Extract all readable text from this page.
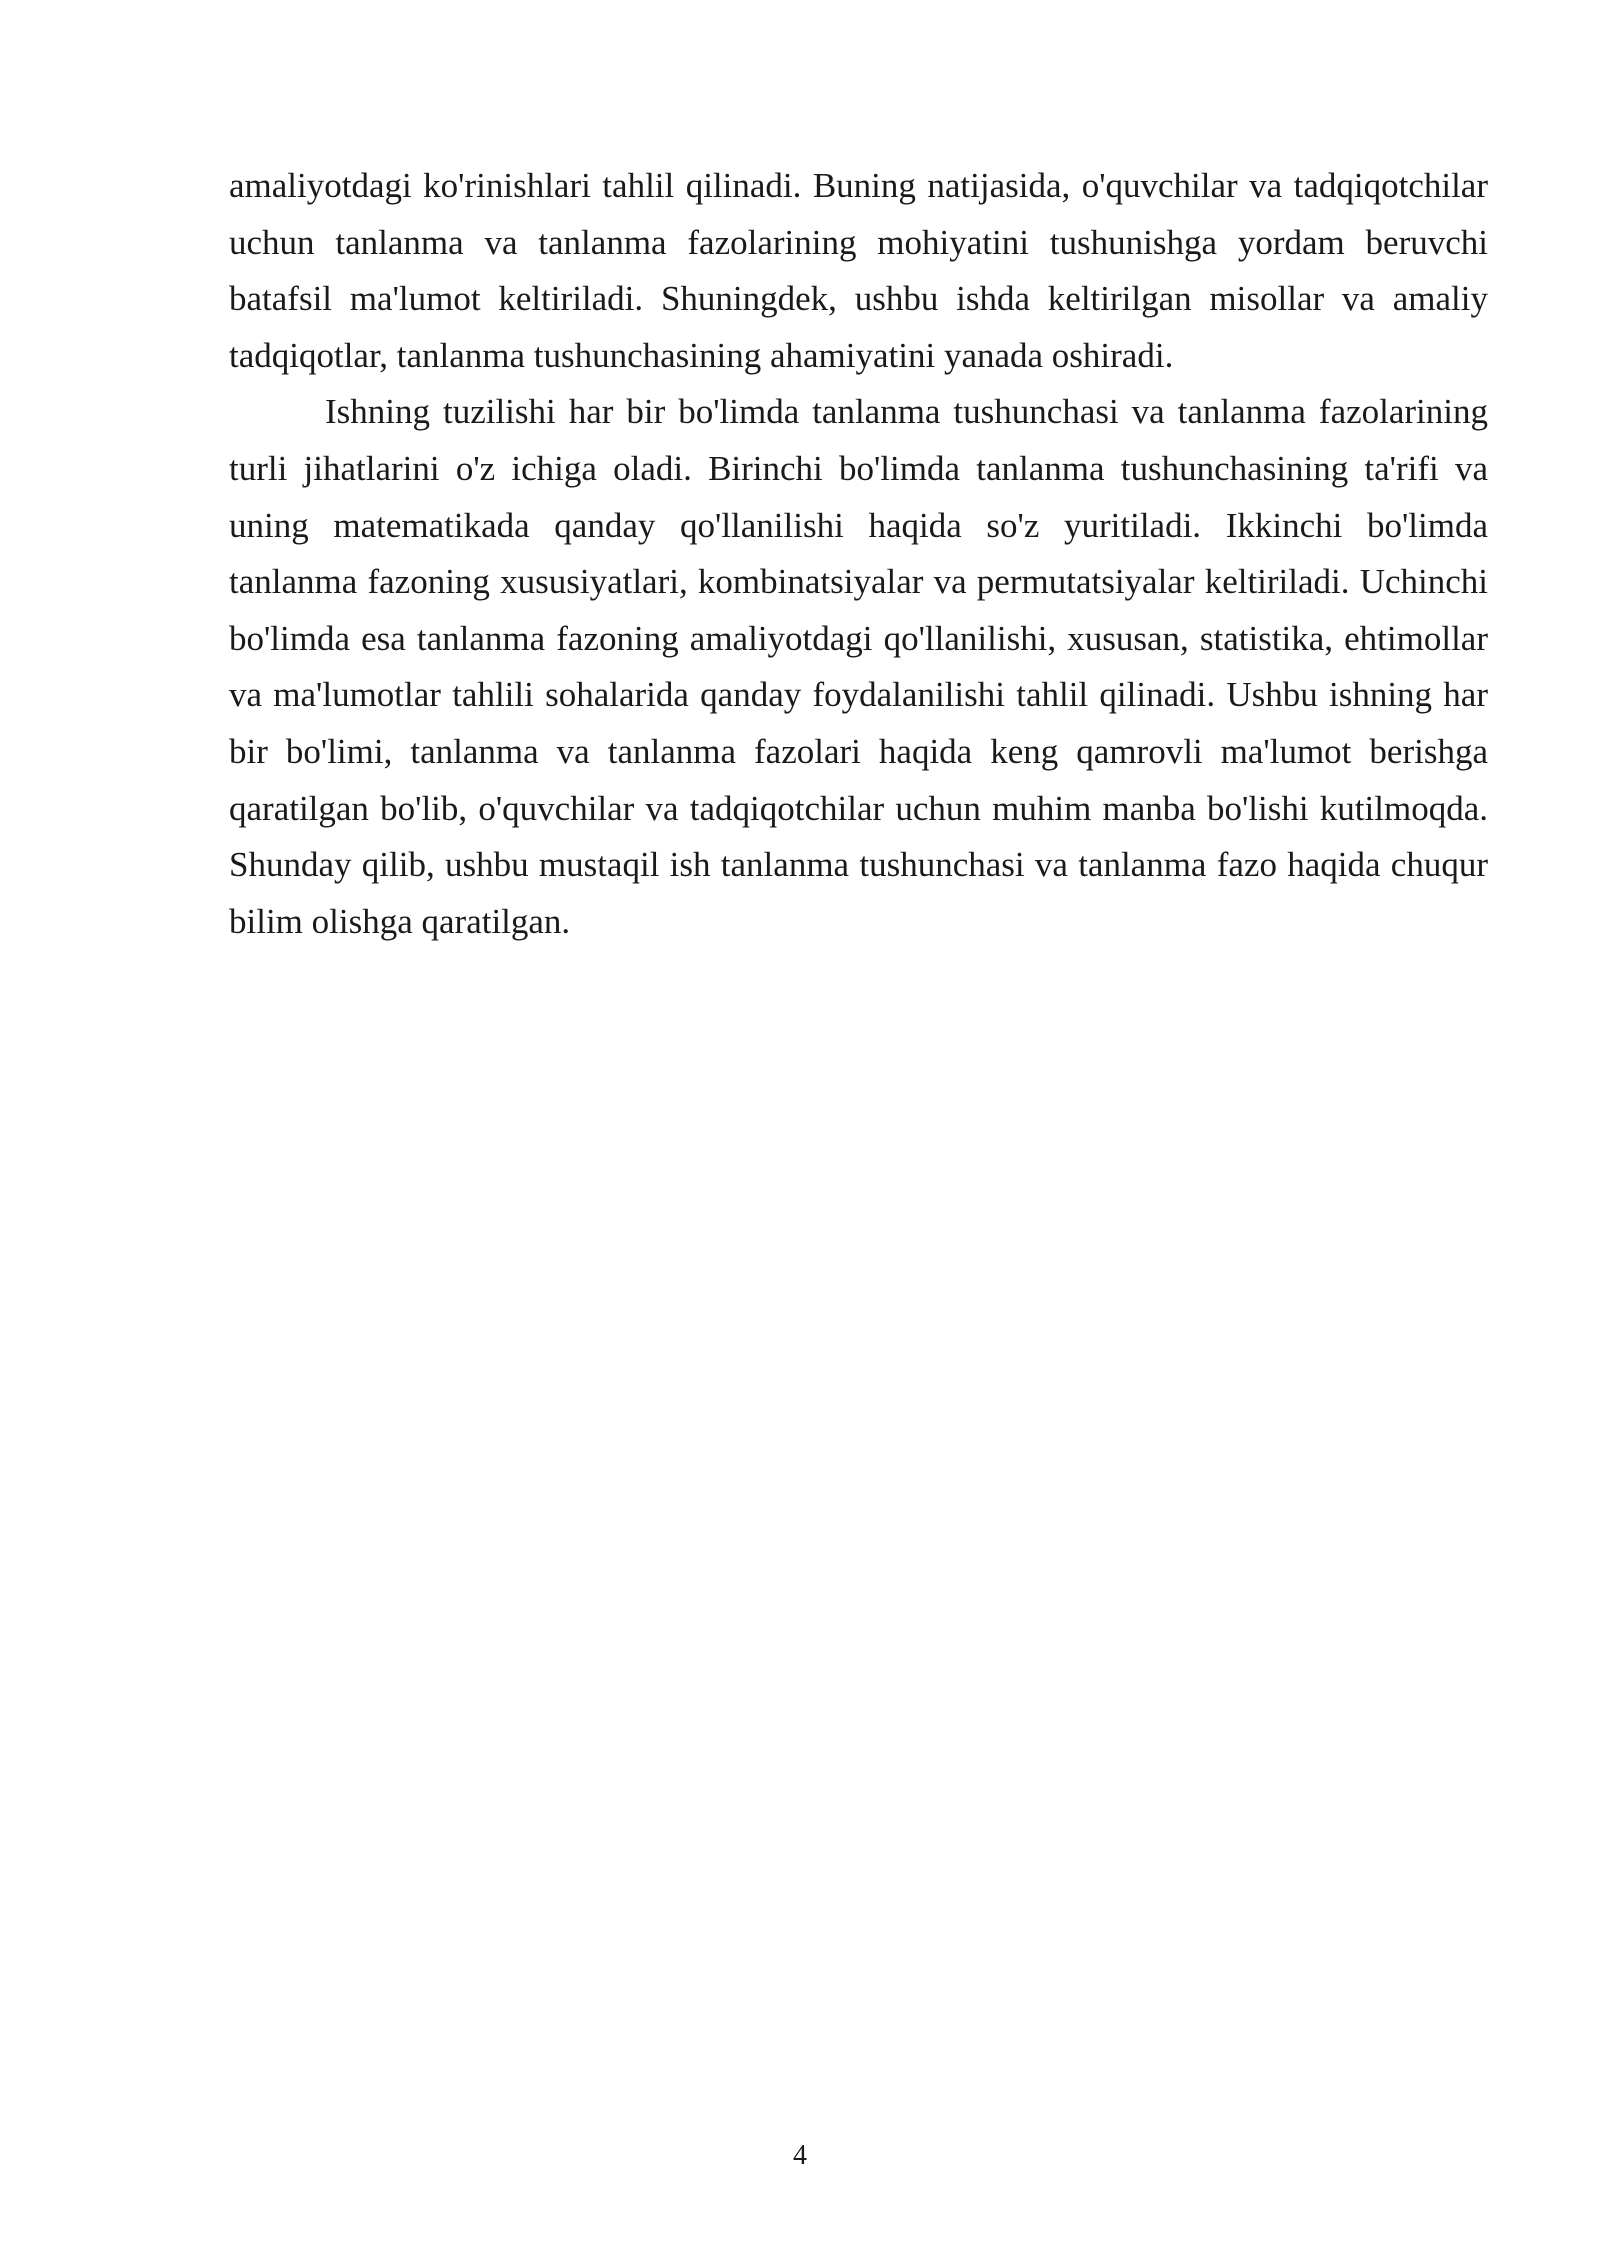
amaliyotdagi ko'rinishlari tahlil qilinadi. Buning natijasida, o'quvchilar va tadqiqotchilar uchun tanlanma va tanlanma fazolarining mohiyatini tushunishga yordam beruvchi batafsil ma'lumot keltiriladi. Shuningdek, ushbu ishda keltirilgan misollar va amaliy tadqiqotlar, tanlanma tushunchasining ahamiyatini yanada oshiradi.

Ishning tuzilishi har bir bo'limda tanlanma tushunchasi va tanlanma fazolarining turli jihatlarini o'z ichiga oladi. Birinchi bo'limda tanlanma tushunchasining ta'rifi va uning matematikada qanday qo'llanilishi haqida so'z yuritiladi. Ikkinchi bo'limda tanlanma fazoning xususiyatlari, kombinatsiyalar va permutatsiyalar keltiriladi. Uchinchi bo'limda esa tanlanma fazoning amaliyotdagi qo'llanilishi, xususan, statistika, ehtimollar va ma'lumotlar tahlili sohalarida qanday foydalanilishi tahlil qilinadi. Ushbu ishning har bir bo'limi, tanlanma va tanlanma fazolari haqida keng qamrovli ma'lumot berishga qaratilgan bo'lib, o'quvchilar va tadqiqotchilar uchun muhim manba bo'lishi kutilmoqda. Shunday qilib, ushbu mustaqil ish tanlanma tushunchasi va tanlanma fazo haqida chuqur bilim olishga qaratilgan.

4
